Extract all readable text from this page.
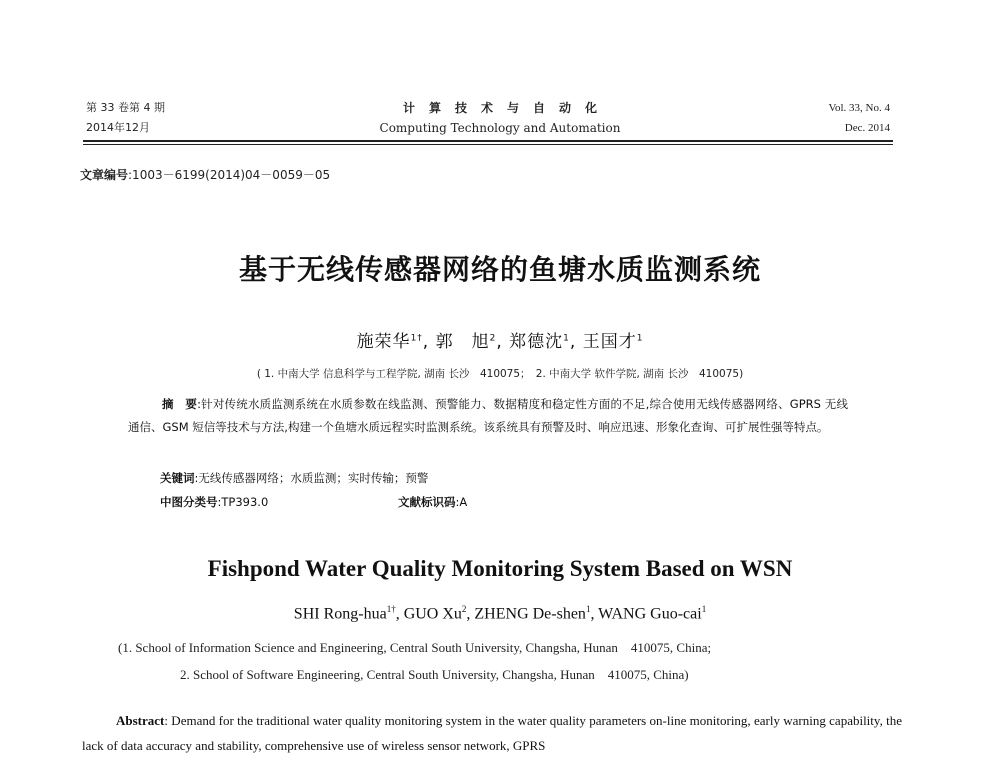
第 33 卷第 4 期
2014年12月
计算技术与自动化
Computing Technology and Automation
Vol. 33, No. 4
Dec. 2014
文章编号:1003－6199(2014)04－0059－05
基于无线传感器网络的鱼塘水质监测系统
施荣华$^{1\dagger}$, 郭　旭$^2$, 郑德沈$^1$, 王国才$^1$
( 1. 中南大学 信息科学与工程学院, 湖南 长沙　410075；　2. 中南大学 软件学院, 湖南 长沙　410075)
摘　要:针对传统水质监测系统在水质参数在线监测、预警能力、数据精度和稳定性方面的不足,综合使用无线传感器网络、GPRS 无线通信、GSM 短信等技术与方法,构建一个鱼塘水质远程实时监测系统。该系统具有预警及时、响应迅速、形象化查询、可扩展性强等特点。
关键词:无线传感器网络；水质监测；实时传输；预警
中图分类号:TP393.0	文献标识码:A
Fishpond Water Quality Monitoring System Based on WSN
SHI Rong-hua$^{1\dagger}$, GUO Xu$^2$, ZHENG De-shen$^1$, WANG Guo-cai$^1$
(1. School of Information Science and Engineering, Central South University, Changsha, Hunan　410075, China;
2. School of Software Engineering, Central South University, Changsha, Hunan　410075, China)
Abstract: Demand for the traditional water quality monitoring system in the water quality parameters on-line monitoring, early warning capability, the lack of data accuracy and stability, comprehensive use of wireless sensor network, GPRS
